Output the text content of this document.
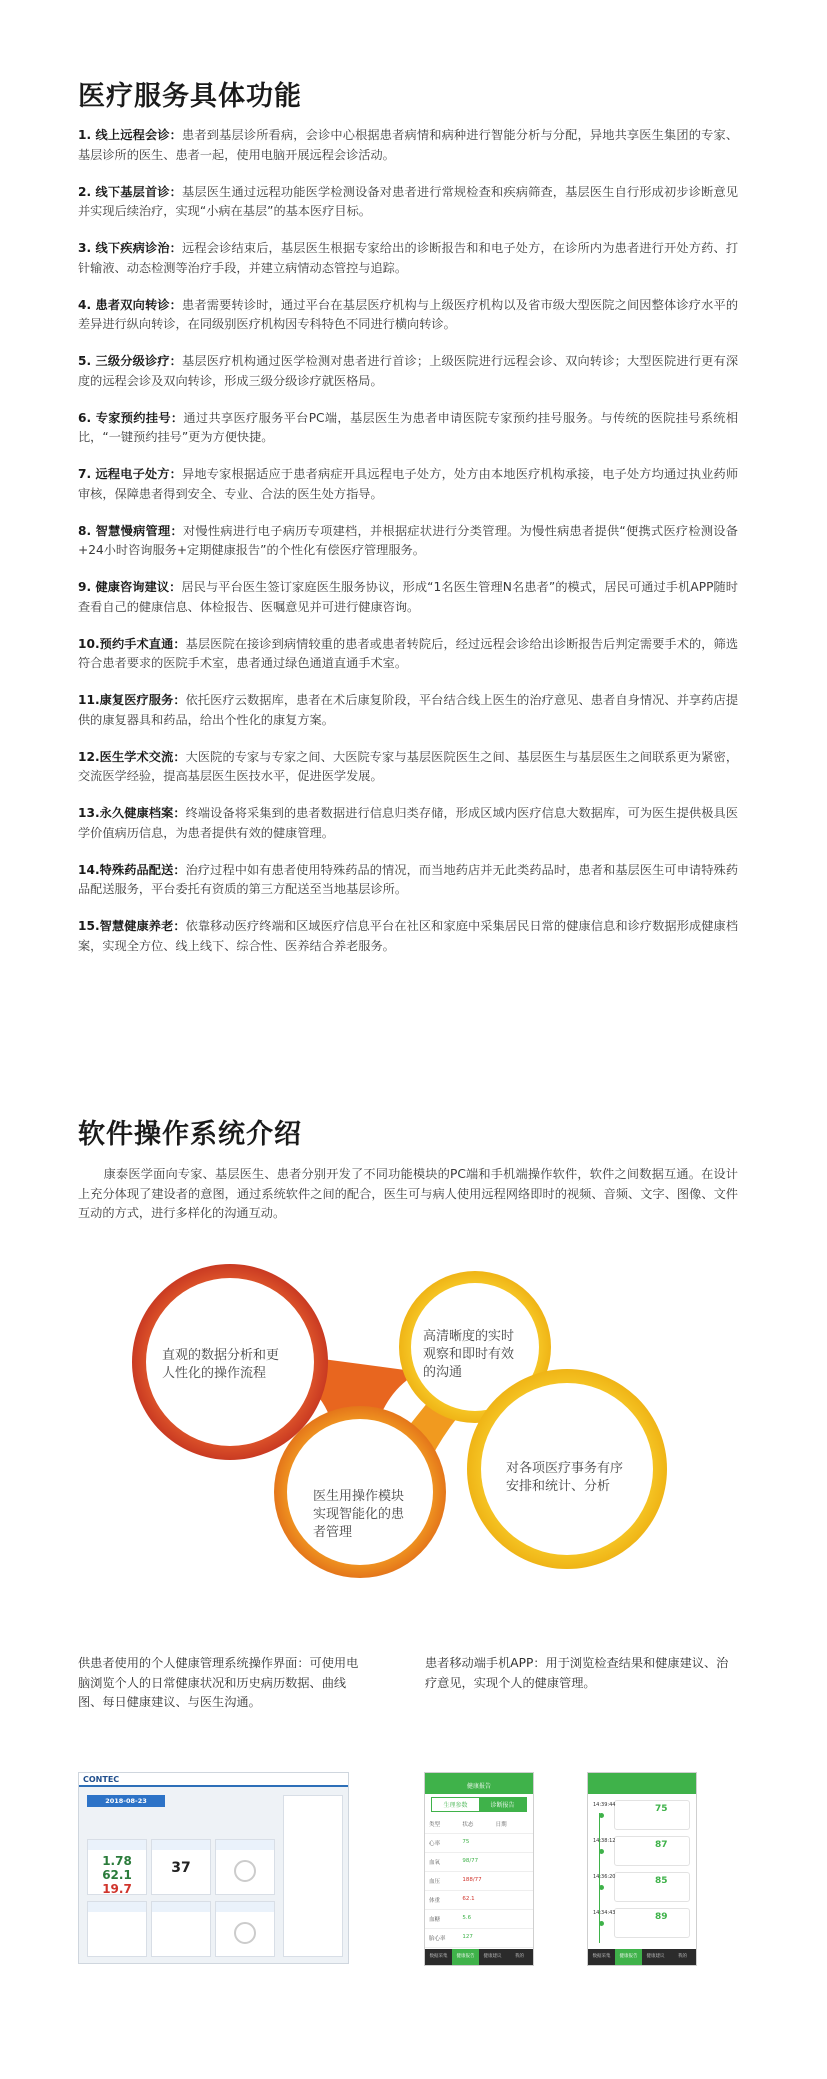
医疗服务具体功能

1. 线上远程会诊：患者到基层诊所看病，会诊中心根据患者病情和病种进行智能分析与分配，异地共享医生集团的专家、基层诊所的医生、患者一起，使用电脑开展远程会诊活动。

2. 线下基层首诊：基层医生通过远程功能医学检测设备对患者进行常规检查和疾病筛查，基层医生自行形成初步诊断意见并实现后续治疗，实现“小病在基层”的基本医疗目标。

3. 线下疾病诊治：远程会诊结束后，基层医生根据专家给出的诊断报告和和电子处方，在诊所内为患者进行开处方药、打针输液、动态检测等治疗手段，并建立病情动态管控与追踪。

4. 患者双向转诊：患者需要转诊时，通过平台在基层医疗机构与上级医疗机构以及省市级大型医院之间因整体诊疗水平的差异进行纵向转诊，在同级别医疗机构因专科特色不同进行横向转诊。

5. 三级分级诊疗：基层医疗机构通过医学检测对患者进行首诊；上级医院进行远程会诊、双向转诊；大型医院进行更有深度的远程会诊及双向转诊，形成三级分级诊疗就医格局。

6. 专家预约挂号：通过共享医疗服务平台PC端，基层医生为患者申请医院专家预约挂号服务。与传统的医院挂号系统相比，“一键预约挂号”更为方便快捷。

7. 远程电子处方：异地专家根据适应于患者病症开具远程电子处方，处方由本地医疗机构承接，电子处方均通过执业药师审核，保障患者得到安全、专业、合法的医生处方指导。

8. 智慧慢病管理：对慢性病进行电子病历专项建档，并根据症状进行分类管理。为慢性病患者提供“便携式医疗检测设备+24小时咨询服务+定期健康报告”的个性化有偿医疗管理服务。

9. 健康咨询建议：居民与平台医生签订家庭医生服务协议，形成“1名医生管理N名患者”的模式，居民可通过手机APP随时查看自己的健康信息、体检报告、医嘱意见并可进行健康咨询。

10.预约手术直通：基层医院在接诊到病情较重的患者或患者转院后，经过远程会诊给出诊断报告后判定需要手术的，筛选符合患者要求的医院手术室，患者通过绿色通道直通手术室。

11.康复医疗服务：依托医疗云数据库，患者在术后康复阶段，平台结合线上医生的治疗意见、患者自身情况、并享药店提供的康复器具和药品，给出个性化的康复方案。

12.医生学术交流：大医院的专家与专家之间、大医院专家与基层医院医生之间、基层医生与基层医生之间联系更为紧密，交流医学经验，提高基层医生医技水平，促进医学发展。

13.永久健康档案：终端设备将采集到的患者数据进行信息归类存储，形成区域内医疗信息大数据库，可为医生提供极具医学价值病历信息，为患者提供有效的健康管理。

14.特殊药品配送：治疗过程中如有患者使用特殊药品的情况，而当地药店并无此类药品时，患者和基层医生可申请特殊药品配送服务，平台委托有资质的第三方配送至当地基层诊所。

15.智慧健康养老：依靠移动医疗终端和区域医疗信息平台在社区和家庭中采集居民日常的健康信息和诊疗数据形成健康档案，实现全方位、线上线下、综合性、医养结合养老服务。

软件操作系统介绍

康泰医学面向专家、基层医生、患者分别开发了不同功能模块的PC端和手机端操作软件，软件之间数据互通。在设计上充分体现了建设者的意图，通过系统软件之间的配合，医生可与病人使用远程网络即时的视频、音频、文字、图像、文件互动的方式，进行多样化的沟通互动。

直观的数据分析和更
人性化的操作流程
医生用操作模块
实现智能化的患
者管理
高清晰度的实时
观察和即时有效
的沟通
对各项医疗事务有序
安排和统计、分析

供患者使用的个人健康管理系统操作界面：可使用电脑浏览个人的日常健康状况和历史病历数据、曲线图、每日健康建议、与医生沟通。

患者移动端手机APP：用于浏览检查结果和健康建议、治疗意见，实现个人的健康管理。

CONTEC
2018-08-23
1.78 62.1
19.7
37
健康报告
生理参数	诊断报告
类型	状态	日期
心率	75
血氧	98/77
血压	188/77
体重	62.1
血糖	5.6
胎心率	127
数据采集	健康报告	健康建议	我的
14:39:44	75
14:38:12	87
14:36:20	85
14:34:43	89
数据采集	健康报告	健康建议	我的
